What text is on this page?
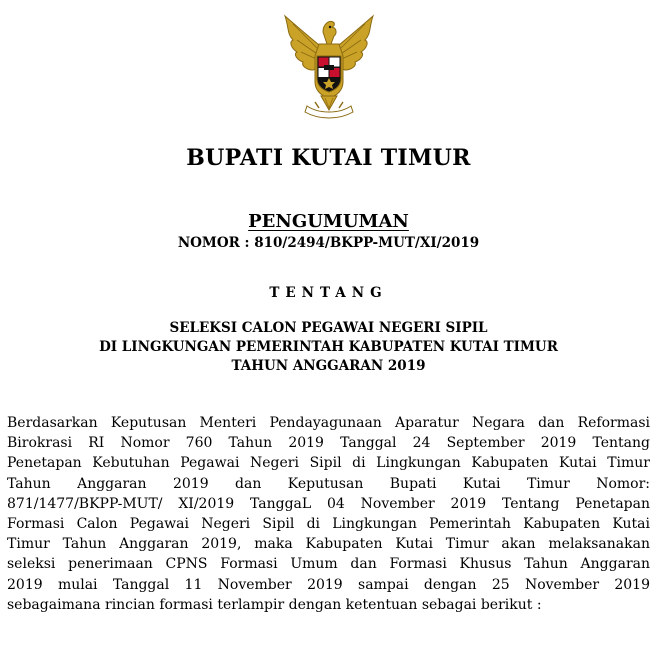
BUPATI KUTAI TIMUR
PENGUMUMAN
NOMOR : 810/2494/BKPP-MUT/XI/2019
TENTANG
SELEKSI CALON PEGAWAI NEGERI SIPIL
DI LINGKUNGAN PEMERINTAH KABUPATEN KUTAI TIMUR
TAHUN ANGGARAN 2019
Berdasarkan Keputusan Menteri Pendayagunaan Aparatur Negara dan Reformasi
Birokrasi RI Nomor 760 Tahun 2019 Tanggal 24 September 2019 Tentang
Penetapan Kebutuhan Pegawai Negeri Sipil di Lingkungan Kabupaten Kutai Timur
Tahun Anggaran 2019 dan Keputusan Bupati Kutai Timur Nomor:
871/1477/BKPP-MUT/ XI/2019 TanggaL 04 November 2019 Tentang Penetapan
Formasi Calon Pegawai Negeri Sipil di Lingkungan Pemerintah Kabupaten Kutai
Timur Tahun Anggaran 2019, maka Kabupaten Kutai Timur akan melaksanakan
seleksi penerimaan CPNS Formasi Umum dan Formasi Khusus Tahun Anggaran
2019 mulai Tanggal 11 November 2019 sampai dengan 25 November 2019
sebagaimana rincian formasi terlampir dengan ketentuan sebagai berikut :
